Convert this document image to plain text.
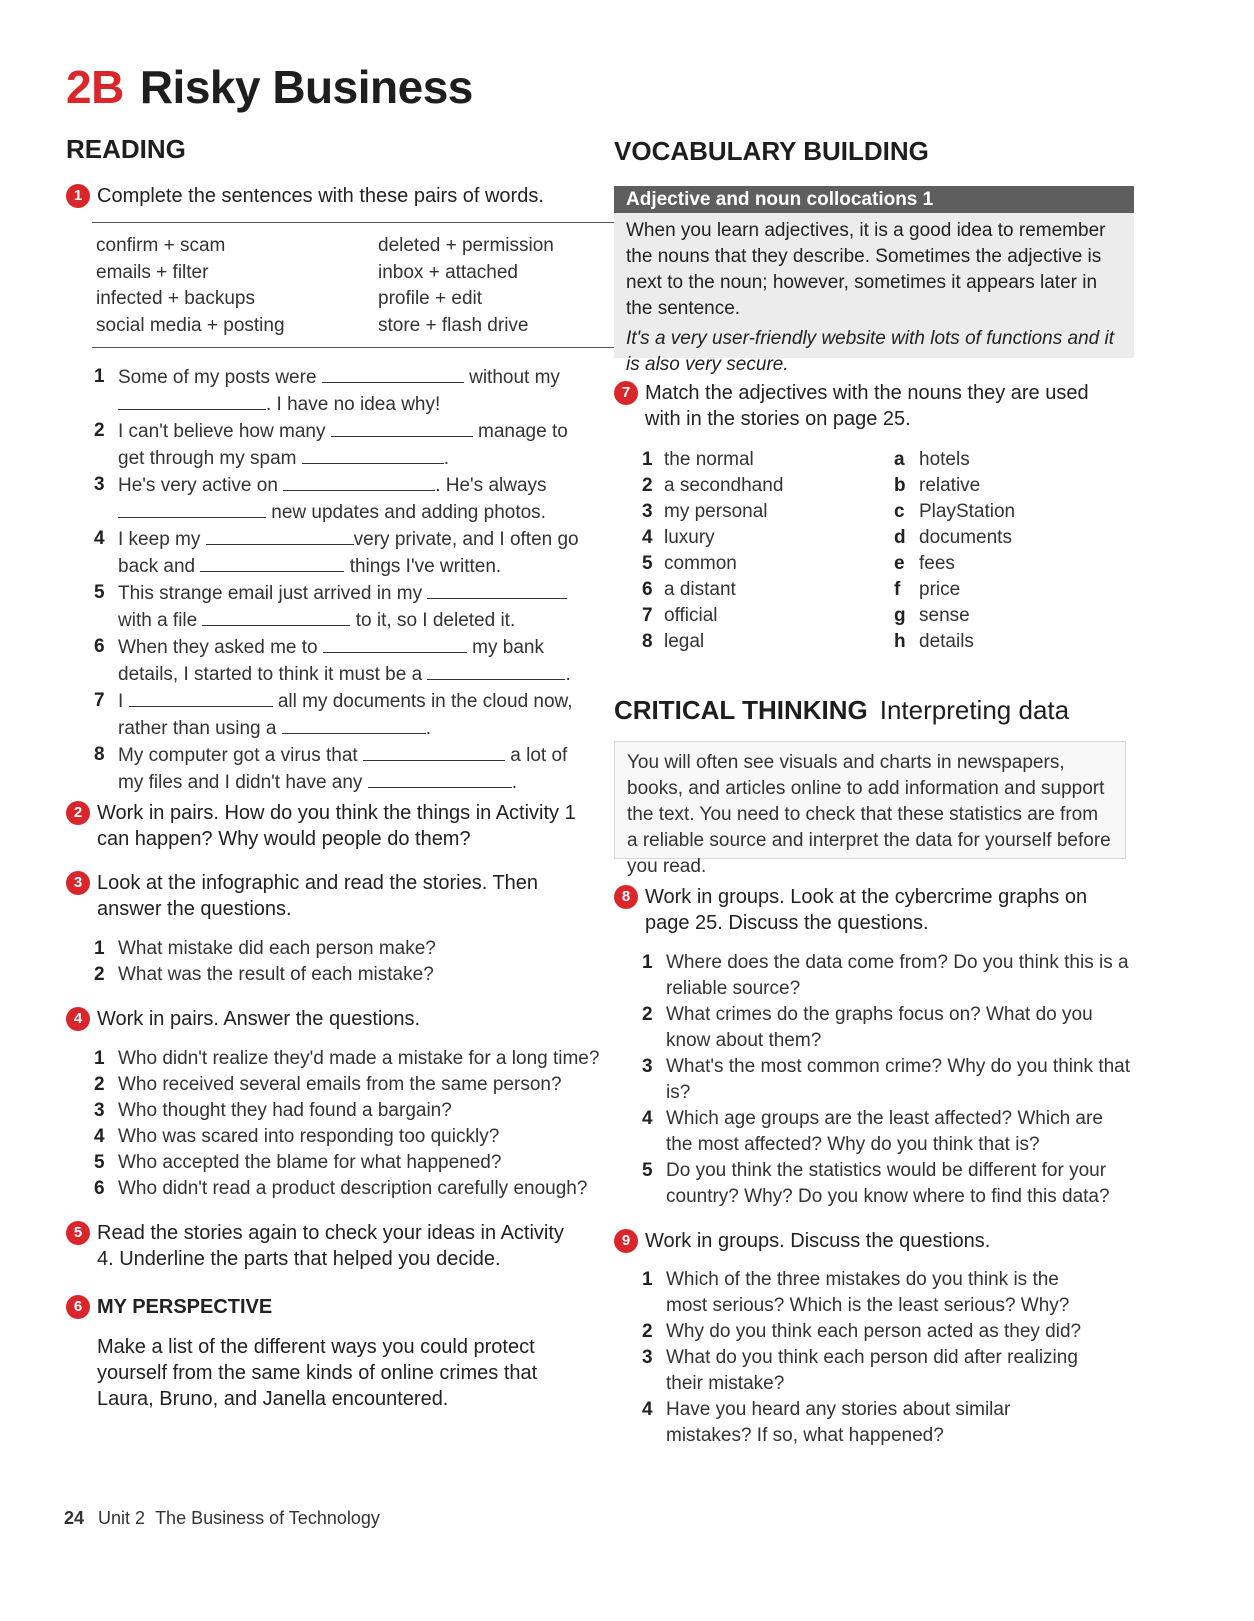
2B Risky Business
READING
1 Complete the sentences with these pairs of words.
confirm + scam	deleted + permission
emails + filter	inbox + attached
infected + backups	profile + edit
social media + posting	store + flash drive
1 Some of my posts were	without my
. I have no idea why!
2 I can't believe how many	manage to
get through my spam	.
3 He's very active on	. He's always
new updates and adding photos.
4 I keep my	very private, and I often go
back and	things I've written.
5 This strange email just arrived in my
with a file	to it, so I deleted it.
6 When they asked me to	my bank
details, I started to think it must be a	.
7 I	all my documents in the cloud now,
rather than using a	.
8 My computer got a virus that	a lot of
my files and I didn't have any	.
2 Work in pairs. How do you think the things in Activity 1 can happen? Why would people do them?
3 Look at the infographic and read the stories. Then answer the questions.
1 What mistake did each person make?
2 What was the result of each mistake?
4 Work in pairs. Answer the questions.
1 Who didn't realize they'd made a mistake for a long time?
2 Who received several emails from the same person?
3 Who thought they had found a bargain?
4 Who was scared into responding too quickly?
5 Who accepted the blame for what happened?
6 Who didn't read a product description carefully enough?
5 Read the stories again to check your ideas in Activity 4. Underline the parts that helped you decide.
6 MY PERSPECTIVE
Make a list of the different ways you could protect yourself from the same kinds of online crimes that Laura, Bruno, and Janella encountered.
VOCABULARY BUILDING
Adjective and noun collocations 1
When you learn adjectives, it is a good idea to remember the nouns that they describe. Sometimes the adjective is next to the noun; however, sometimes it appears later in the sentence.
It's a very user-friendly website with lots of functions and it is also very secure.
7 Match the adjectives with the nouns they are used with in the stories on page 25.
1 the normal	a hotels
2 a secondhand	b relative
3 my personal	c PlayStation
4 luxury	d documents
5 common	e fees
6 a distant	f price
7 official	g sense
8 legal	h details
CRITICAL THINKING Interpreting data
You will often see visuals and charts in newspapers, books, and articles online to add information and support the text. You need to check that these statistics are from a reliable source and interpret the data for yourself before you read.
8 Work in groups. Look at the cybercrime graphs on page 25. Discuss the questions.
1 Where does the data come from? Do you think this is a reliable source?
2 What crimes do the graphs focus on? What do you know about them?
3 What's the most common crime? Why do you think that is?
4 Which age groups are the least affected? Which are the most affected? Why do you think that is?
5 Do you think the statistics would be different for your country? Why? Do you know where to find this data?
9 Work in groups. Discuss the questions.
1 Which of the three mistakes do you think is the most serious? Which is the least serious? Why?
2 Why do you think each person acted as they did?
3 What do you think each person did after realizing their mistake?
4 Have you heard any stories about similar mistakes? If so, what happened?
24 Unit 2 The Business of Technology
